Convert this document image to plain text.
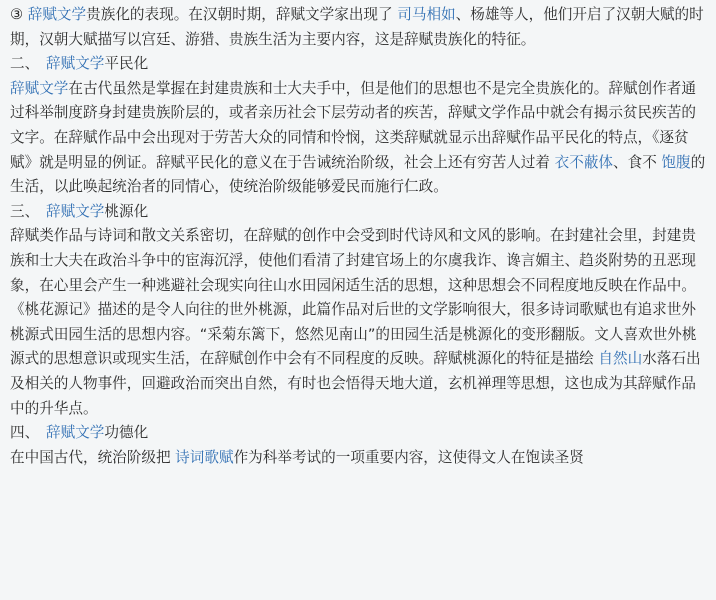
③ 辞赋文学贵族化的表现。在汉朝时期，辞赋文学家出现了 司马相如、杨雄等人，他们开启了汉朝大赋的时期，汉朝大赋描写以宫廷、游猎、贵族生活为主要内容，这是辞赋贵族化的特征。

二、 辞赋文学平民化

辞赋文学在古代虽然是掌握在封建贵族和士大夫手中，但是他们的思想也不是完全贵族化的。辞赋创作者通过科举制度跻身封建贵族阶层的，或者亲历社会下层劳动者的疾苦，辞赋文学作品中就会有揭示贫民疾苦的文字。在辞赋作品中会出现对于劳苦大众的同情和怜悯，这类辞赋就显示出辞赋作品平民化的特点，《逐贫赋》就是明显的例证。辞赋平民化的意义在于告诫统治阶级，社会上还有穷苦人过着 衣不蔽体、食不 饱腹的生活，以此唤起统治者的同情心，使统治阶级能够爱民而施行仁政。

三、 辞赋文学桃源化

辞赋类作品与诗词和散文关系密切，在辞赋的创作中会受到时代诗风和文风的影响。在封建社会里，封建贵族和士大夫在政治斗争中的宦海沉浮，使他们看清了封建官场上的尔虞我诈、谗言媚主、趋炎附势的丑恶现象，在心里会产生一种逃避社会现实向往山水田园闲适生活的思想，这种思想会不同程度地反映在作品中。《桃花源记》描述的是令人向往的世外桃源，此篇作品对后世的文学影响很大，很多诗词歌赋也有追求世外桃源式田园生活的思想内容。“采菊东篱下，悠然见南山”的田园生活是桃源化的变形翻版。文人喜欢世外桃源式的思想意识或现实生活，在辞赋创作中会有不同程度的反映。辞赋桃源化的特征是描绘 自然山水落石出及相关的人物事件，回避政治而突出自然，有时也会悟得天地大道，玄机禅理等思想，这也成为其辞赋作品中的升华点。

四、 辞赋文学功德化

在中国古代，统治阶级把 诗词歌赋作为科举考试的一项重要内容，这使得文人在饱读圣贤
